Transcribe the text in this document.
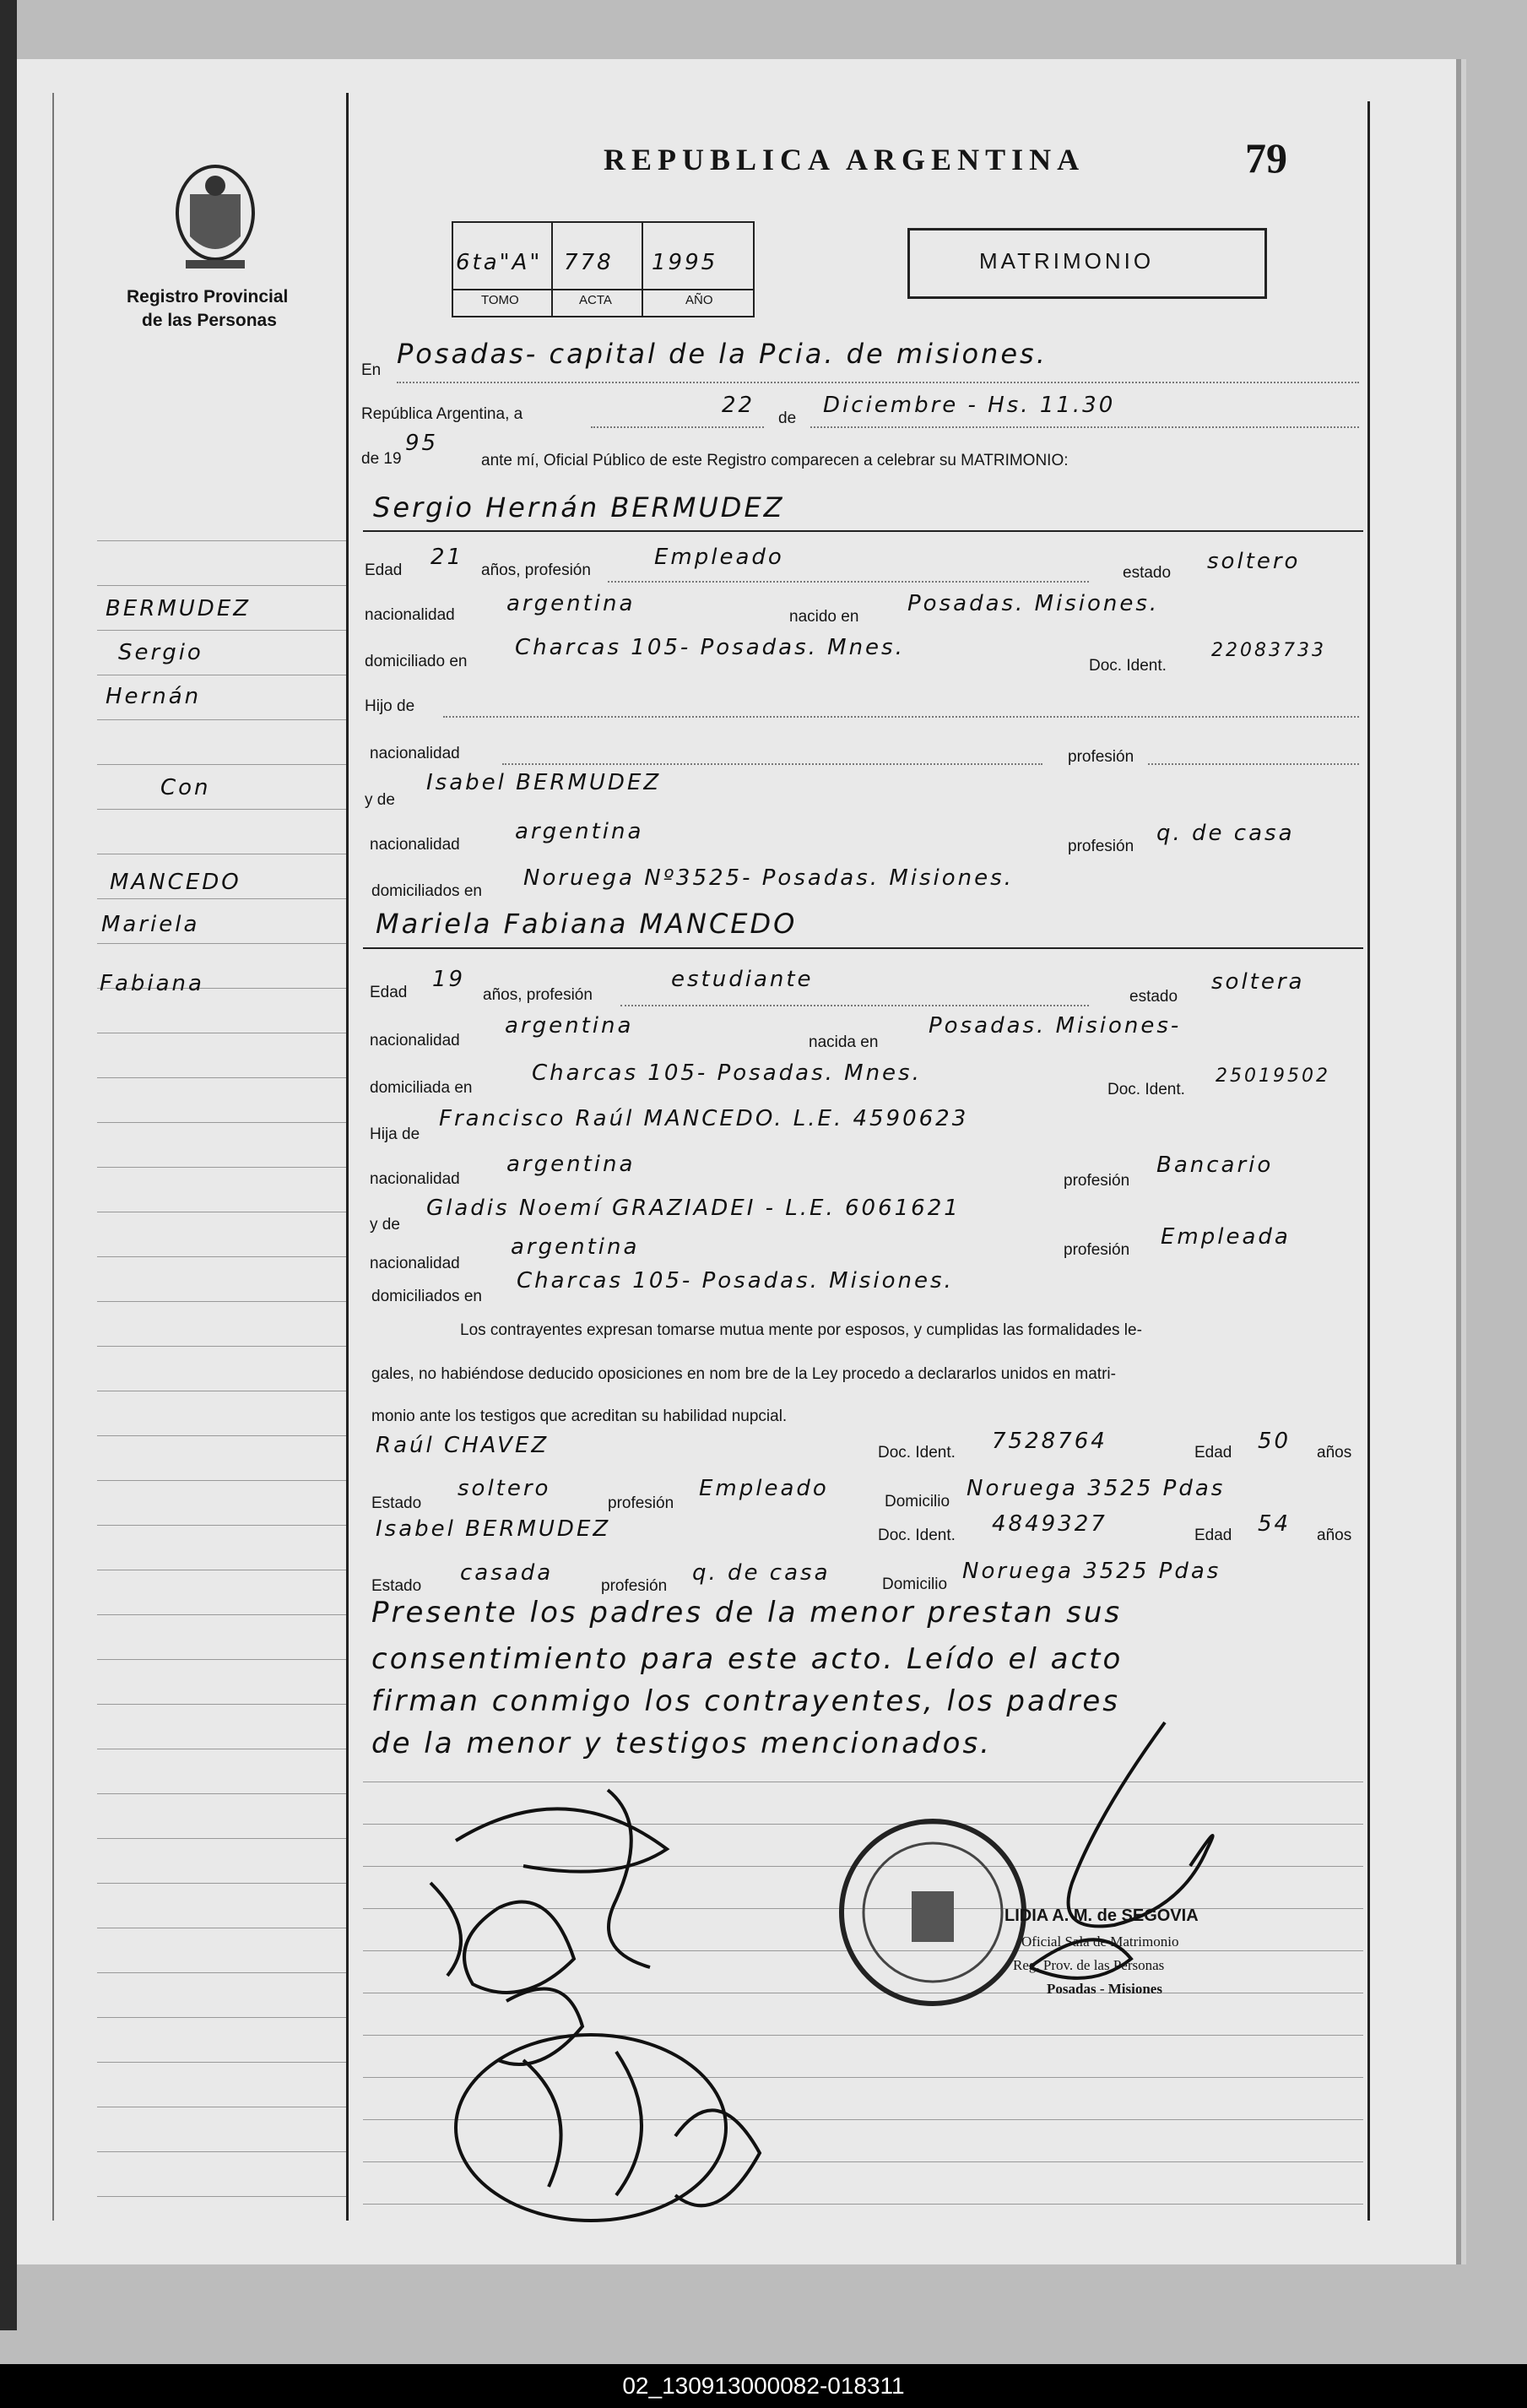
Registro Provincial
de las Personas
REPUBLICA ARGENTINA	79
6ta"A" 778 1995
TOMO	ACTA	AÑO
MATRIMONIO
En
Posadas- capital de la Pcia. de misiones.
República Argentina, a	22
de
Diciembre - Hs. 11.30
de 19
95
ante mí, Oficial Público de este Registro comparecen a celebrar su MATRIMONIO:
Sergio Hernán BERMUDEZ
BERMUDEZ
Sergio
Hernán
Con
MANCEDO
Mariela
Fabiana
Edad
21
años, profesión
Empleado
estado soltero
nacionalidad argentina
nacido en
Posadas. Misiones.
domiciliado en
Charcas 105- Posadas. Mnes.
Doc. Ident.
22083733
Hijo de
nacionalidad	profesión
y de
Isabel BERMUDEZ
nacionalidad
argentina
profesión
q. de casa
domiciliados en
Noruega Nº3525- Posadas. Misiones.
Mariela Fabiana MANCEDO
Edad
19
años, profesión
estudiante
estado
soltera
nacionalidad
argentina
nacida en
Posadas. Misiones-
domiciliada en
Charcas 105- Posadas. Mnes.
Doc. Ident.
25019502
Hija de
Francisco Raúl MANCEDO. L.E. 4590623
nacionalidad
argentina
profesión
Bancario
y de
Gladis Noemí GRAZIADEI - L.E. 6061621
nacionalidad
argentina	profesión
Empleada
domiciliados en
Charcas 105- Posadas. Misiones.
Los contrayentes expresan tomarse mutua mente por esposos, y cumplidas las formalidades le-
gales, no habiéndose deducido oposiciones en nom bre de la Ley procedo a declararlos unidos en matri-
monio ante los testigos que acreditan su habilidad nupcial.
Raúl CHAVEZ	Doc. Ident. 7528764	Edad 50 años
Estado
soltero
profesión
Empleado
Domicilio
Noruega 3525 Pdas
Isabel BERMUDEZ	Doc. Ident. 4849327	Edad 54 años
Estado
casada
profesión
q. de casa	Domicilio
Noruega 3525 Pdas
Presente los padres de la menor prestan sus
consentimiento para este acto. Leído el acto
firman conmigo los contrayentes, los padres
de la menor y testigos mencionados.
LIDIA A. M. de SEGOVIA
Oficial Sala de Matrimonio
Reg. Prov. de las Personas
Posadas - Misiones
02_130913000082-018311
